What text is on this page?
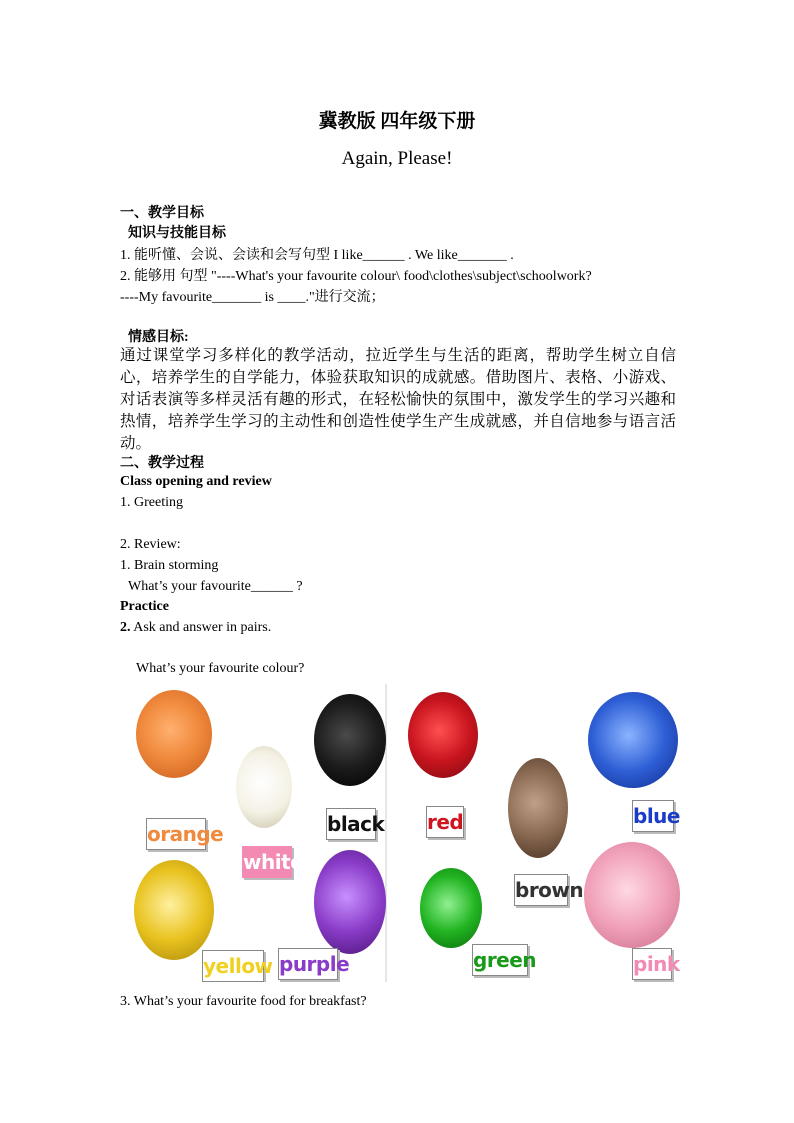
冀教版 四年级下册
Again, Please!
一、教学目标
知识与技能目标
1. 能听懂、会说、会读和会写句型 I like______ . We like_______ .
2. 能够用 句型 "----What's your favourite colour\ food\clothes\subject\schoolwork?
----My favourite_______ is ____."进行交流；
情感目标:
通过课堂学习多样化的教学活动，拉近学生与生活的距离，帮助学生树立自信心，培养学生的自学能力，体验获取知识的成就感。借助图片、表格、小游戏、对话表演等多样灵活有趣的形式，在轻松愉快的氛围中，激发学生的学习兴趣和热情，培养学生学习的主动性和创造性使学生产生成就感，并自信地参与语言活动。
二、教学过程
Class opening and review
1. Greeting
2. Review:
1. Brain storming
What’s your favourite______ ?
Practice
2. Ask and answer in pairs.
What’s your favourite colour?
orange
white
black red
brown
blue
yellow purple	green	pink
3. What’s your favourite food for breakfast?
